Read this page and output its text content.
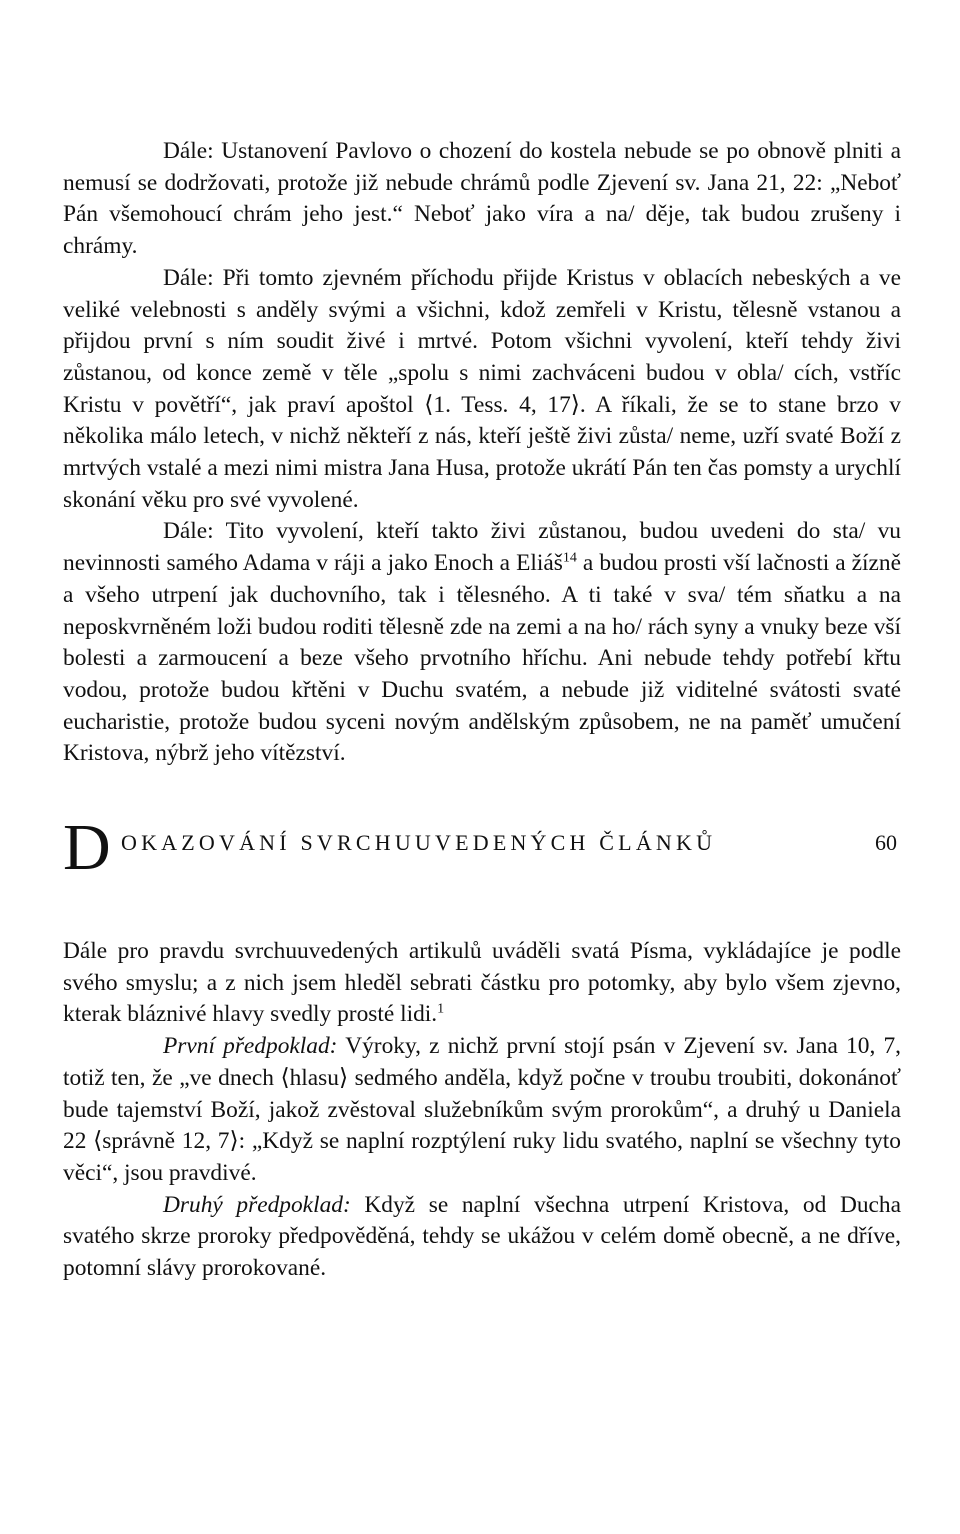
Dále: Ustanovení Pavlovo o chození do kostela nebude se po obnově plniti a nemusí se dodržovati, protože již nebude chrámů podle Zjevení sv. Jana 21, 22: „Neboť Pán všemohoucí chrám jeho jest.“ Neboť jako víra a na/ děje, tak budou zrušeny i chrámy.

Dále: Při tomto zjevném příchodu přijde Kristus v oblacích nebeských a ve veliké velebnosti s anděly svými a všichni, kdož zemřeli v Kristu, tělesně vstanou a přijdou první s ním soudit živé i mrtvé. Potom všichni vyvolení, kteří tehdy živi zůstanou, od konce země v těle „spolu s nimi zachváceni budou v obla/ cích, vstříc Kristu v povětří“, jak praví apoštol ⟨1. Tess. 4, 17⟩. A říkali, že se to stane brzo v několika málo letech, v nichž někteří z nás, kteří ještě živi zůsta/ neme, uzří svaté Boží z mrtvých vstalé a mezi nimi mistra Jana Husa, protože ukrátí Pán ten čas pomsty a urychlí skonání věku pro své vyvolené.

Dále: Tito vyvolení, kteří takto živi zůstanou, budou uvedeni do sta/ vu nevinnosti samého Adama v ráji a jako Enoch a Eliáš$^{14}$ a budou prosti vší lačnosti a žízně a všeho utrpení jak duchovního, tak i tělesného. A ti také v sva/ tém sňatku a na neposkvrněném loži budou roditi tělesně zde na zemi a na ho/ rách syny a vnuky beze vší bolesti a zarmoucení a beze všeho prvotního hříchu. Ani nebude tehdy potřebí křtu vodou, protože budou křtěni v Duchu svatém, a nebude již viditelné svátosti svaté eucharistie, protože budou syceni novým andělským způsobem, ne na paměť umučení Kristova, nýbrž jeho vítězství.

D OKAZOVÁNÍ SVRCHUUVEDENÝCH ČLÁNKŮ	60

Dále pro pravdu svrchuuvedených artikulů uváděli svatá Písma, vykládajíce je podle svého smyslu; a z nich jsem hleděl sebrati částku pro potomky, aby bylo všem zjevno, kterak bláznivé hlavy svedly prosté lidi.$^1$

První předpoklad: Výroky, z nichž první stojí psán v Zjevení sv. Jana 10, 7, totiž ten, že „ve dnech ⟨hlasu⟩ sedmého anděla, když počne v troubu troubiti, dokonánoť bude tajemství Boží, jakož zvěstoval služebníkům svým prorokům“, a druhý u Daniela 22 ⟨správně 12, 7⟩: „Když se naplní rozptýlení ruky lidu svatého, naplní se všechny tyto věci“, jsou pravdivé.

Druhý předpoklad: Když se naplní všechna utrpení Kristova, od Ducha svatého skrze proroky předpověděná, tehdy se ukážou v celém domě obecně, a ne dříve, potomní slávy prorokované.
